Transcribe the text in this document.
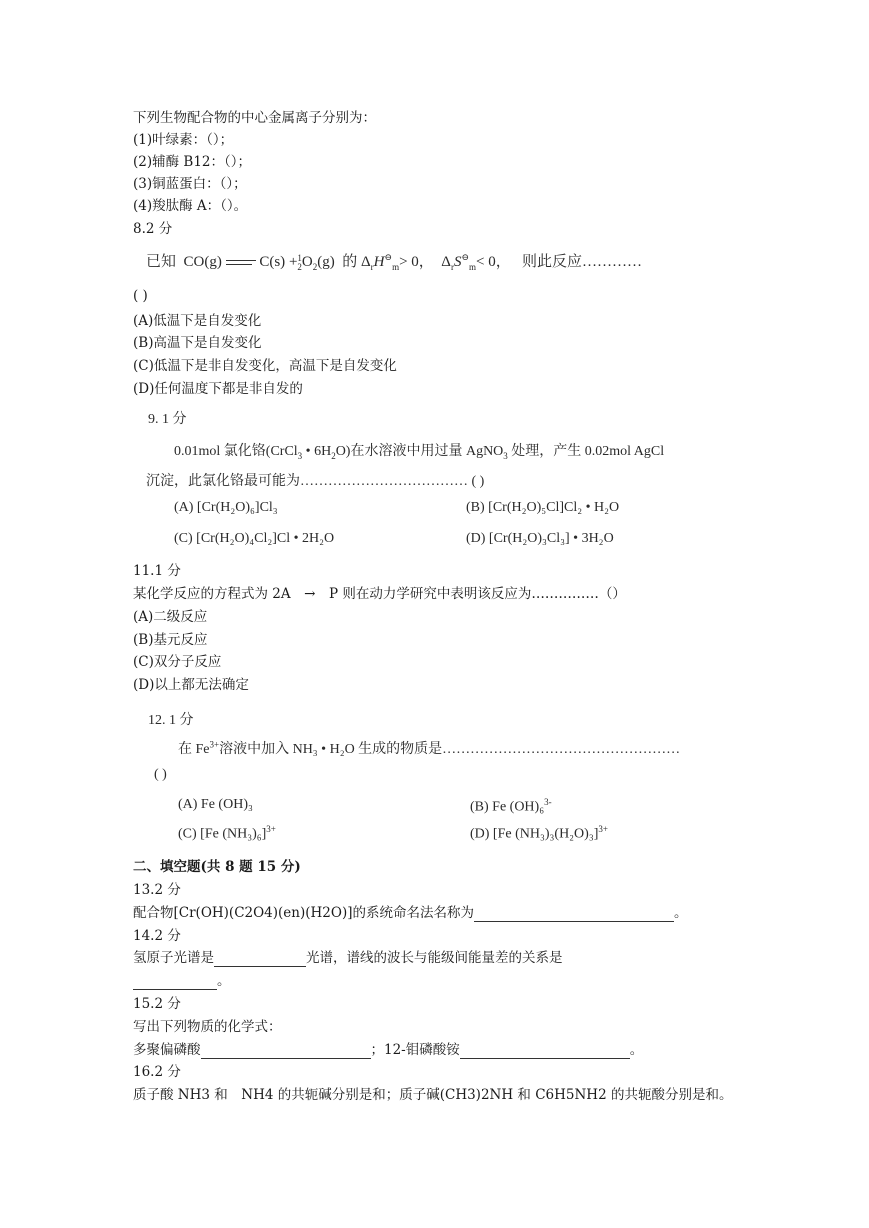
下列生物配合物的中心金属离子分别为：
(1)叶绿素：（）；
(2)辅酶 B12：（）；
(3)铜蓝蛋白：（）；
(4)羧肽酶 A：（）。
8.2 分
已知 CO(g)	C(s) +1
$2O_2(g)$ 的 $\Delta_rH^⊖_m> 0$， $\Delta_rS^⊖_m< 0$， 则此反应…………
( )
(A)低温下是自发变化
(B)高温下是自发变化
(C)低温下是非自发变化，高温下是自发变化
(D)任何温度下都是非自发的
9. 1 分
0.01mol 氯化铬(CrCl$_3$ • $6H_2O$)在水溶液中用过量 AgNO$_3$ 处理，产生 0.02mol AgCl
沉淀，此氯化铬最可能为……………………………… ( )
(A) [Cr(H₂O)₆]Cl₃	(B) [Cr(H₂O)₅Cl]Cl₂ • H₂O
(C) [Cr(H₂O)₄Cl₂]Cl • 2H₂O	(D) [Cr(H₂O)₃Cl₃] • 3H₂O
11.1 分
某化学反应的方程式为 2A　→　P 则在动力学研究中表明该反应为……………（）
(A)二级反应
(B)基元反应
(C)双分子反应
(D)以上都无法确定
12. 1 分
在 $Fe^{3+}$溶液中加入 NH₃ • H₂O 生成的物质是……………………………………………
( )
(A) Fe (OH)₃	(B) Fe (OH)₆$^{3-}$
(C) [Fe (NH₃)₆]$^{3+}$	(D) [Fe (NH₃)₃(H₂O)₃]$^{3+}$
二、填空题(共 8 题 15 分)
13.2 分
配合物[Cr(OH)(C2O4)(en)(H2O)]的系统命名法名称为	。
14.2 分
氢原子光谱是	光谱，谱线的波长与能级间能量差的关系是
。
15.2 分
写出下列物质的化学式：
多聚偏磷酸	；12-钼磷酸铵	。
16.2 分
质子酸 NH3 和　NH4 的共轭碱分别是和；质子碱(CH3)2NH 和 C6H5NH2 的共轭酸分别是和。
